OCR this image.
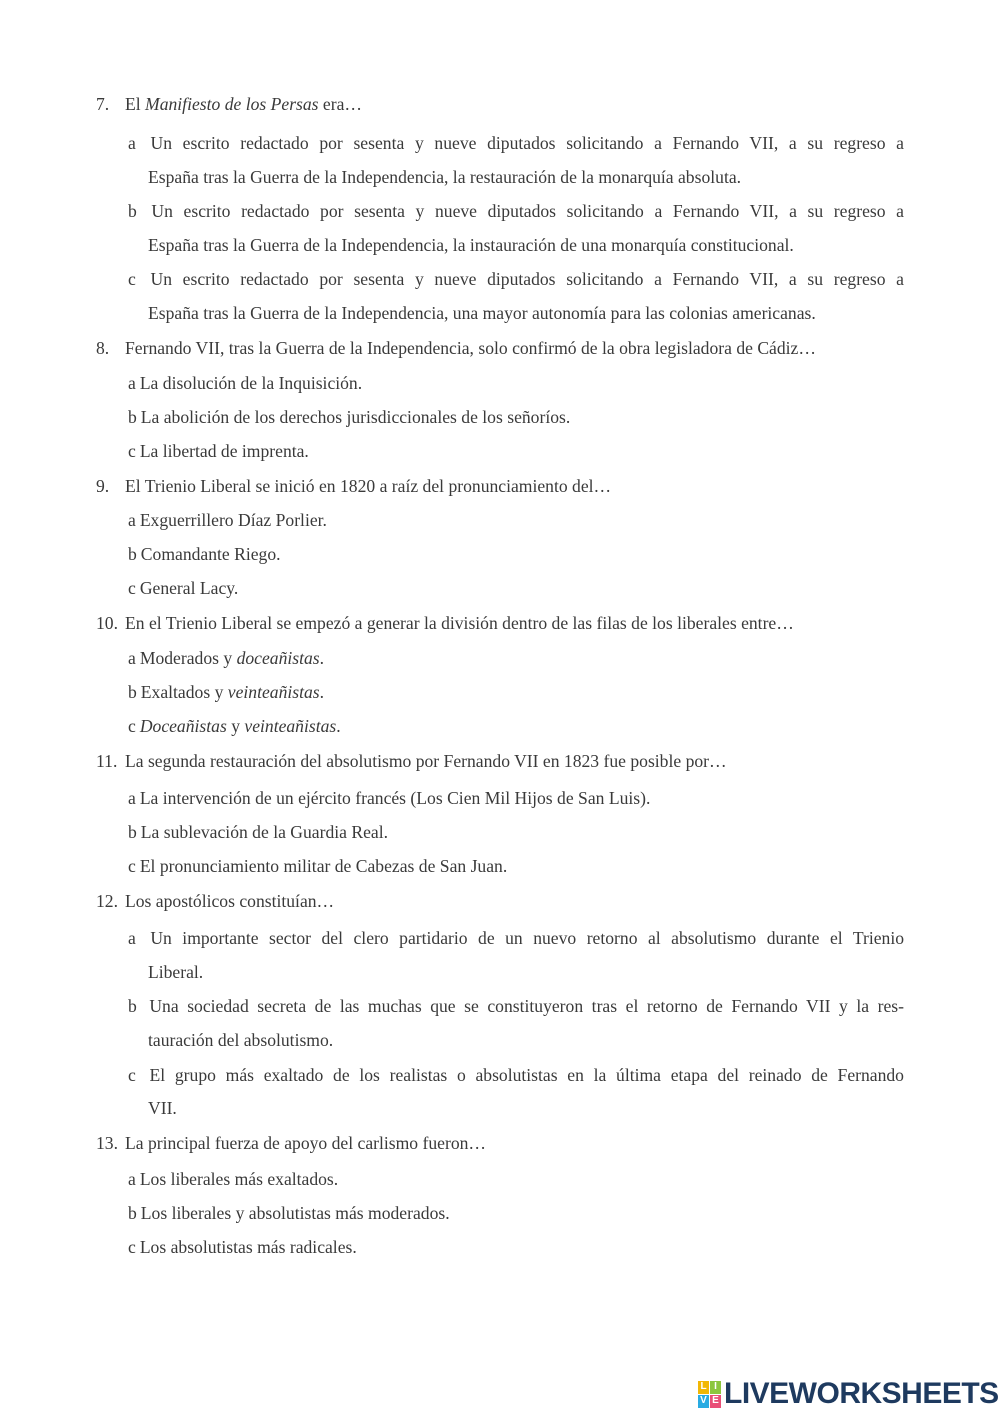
7. El Manifiesto de los Persas era…
a Un escrito redactado por sesenta y nueve diputados solicitando a Fernando VII, a su regreso a
España tras la Guerra de la Independencia, la restauración de la monarquía absoluta.
b Un escrito redactado por sesenta y nueve diputados solicitando a Fernando VII, a su regreso a
España tras la Guerra de la Independencia, la instauración de una monarquía constitucional.
c Un escrito redactado por sesenta y nueve diputados solicitando a Fernando VII, a su regreso a
España tras la Guerra de la Independencia, una mayor autonomía para las colonias americanas.
8. Fernando VII, tras la Guerra de la Independencia, solo confirmó de la obra legisladora de Cádiz…
a La disolución de la Inquisición.
b La abolición de los derechos jurisdiccionales de los señoríos.
c La libertad de imprenta.
9. El Trienio Liberal se inició en 1820 a raíz del pronunciamiento del…
a Exguerrillero Díaz Porlier.
b Comandante Riego.
c General Lacy.
10. En el Trienio Liberal se empezó a generar la división dentro de las filas de los liberales entre…
a Moderados y doceañistas.
b Exaltados y veinteañistas.
c Doceañistas y veinteañistas.
11. La segunda restauración del absolutismo por Fernando VII en 1823 fue posible por…
a La intervención de un ejército francés (Los Cien Mil Hijos de San Luis).
b La sublevación de la Guardia Real.
c El pronunciamiento militar de Cabezas de San Juan.
12. Los apostólicos constituían…
a Un importante sector del clero partidario de un nuevo retorno al absolutismo durante el Trienio
Liberal.
b Una sociedad secreta de las muchas que se constituyeron tras el retorno de Fernando VII y la res-
tauración del absolutismo.
c El grupo más exaltado de los realistas o absolutistas en la última etapa del reinado de Fernando
VII.
13. La principal fuerza de apoyo del carlismo fueron…
a Los liberales más exaltados.
b Los liberales y absolutistas más moderados.
c Los absolutistas más radicales.
L I
V E LIVEWORKSHEETS
